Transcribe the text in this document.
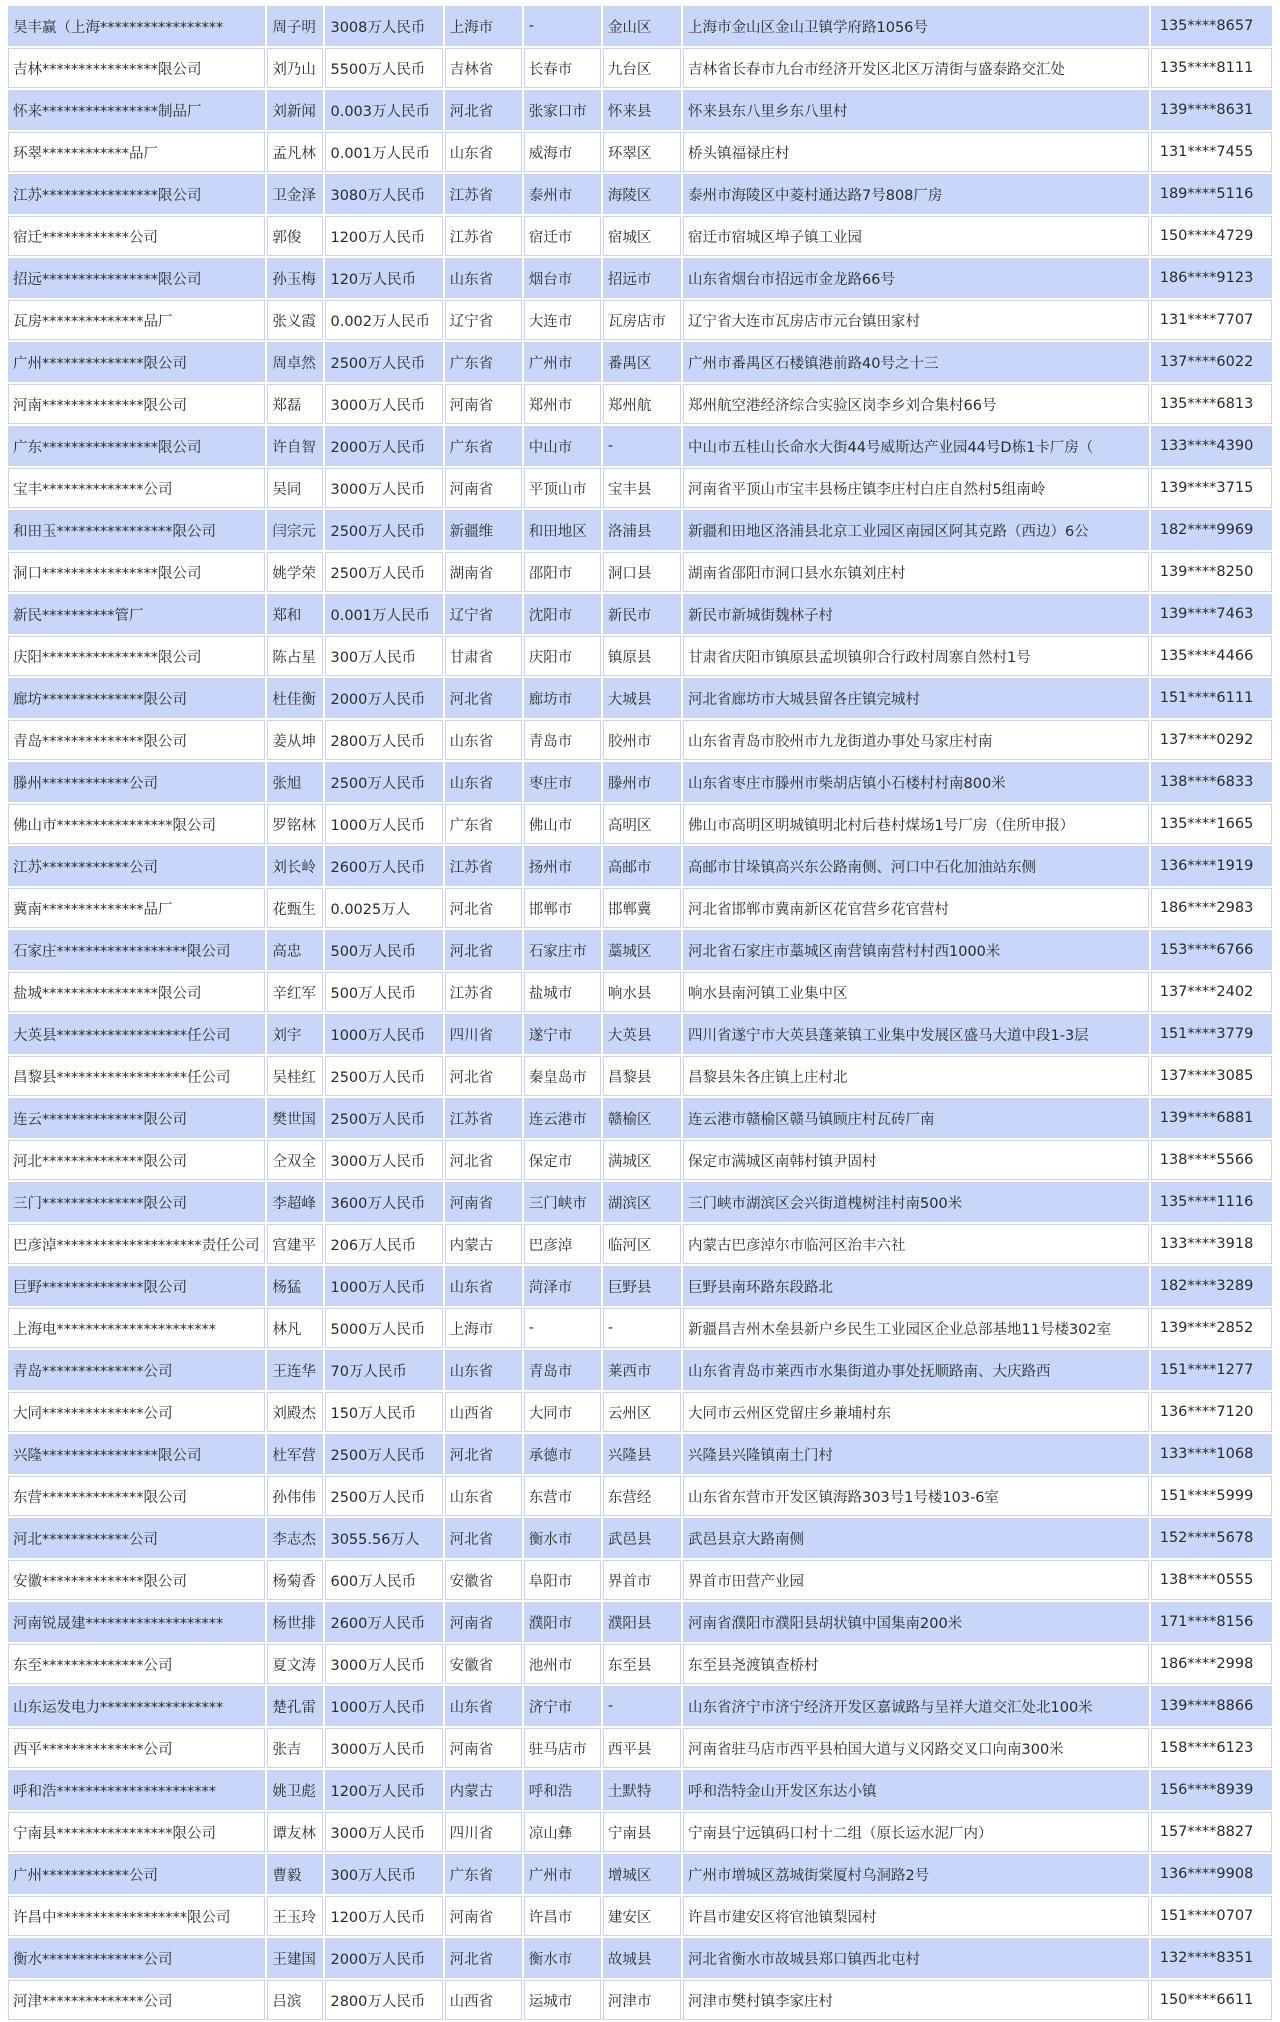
昊丰赢（上海*****************	周子明	3008万人民币	上海市	-	金山区	上海市金山区金山卫镇学府路1056号	135****8657
吉林****************限公司	刘乃山	5500万人民币	吉林省	长春市	九台区	吉林省长春市九台市经济开发区北区万清街与盛泰路交汇处	135****8111
怀来****************制品厂	刘新闻	0.003万人民币	河北省	张家口市	怀来县	怀来县东八里乡东八里村	139****8631
环翠************品厂	孟凡林	0.001万人民币	山东省	威海市	环翠区	桥头镇福禄庄村	131****7455
江苏****************限公司	卫金泽	3080万人民币	江苏省	泰州市	海陵区	泰州市海陵区中菱村通达路7号808厂房	189****5116
宿迁************公司	郭俊	1200万人民币	江苏省	宿迁市	宿城区	宿迁市宿城区埠子镇工业园	150****4729
招远****************限公司	孙玉梅	120万人民币	山东省	烟台市	招远市	山东省烟台市招远市金龙路66号	186****9123
瓦房**************品厂	张义霞	0.002万人民币	辽宁省	大连市	瓦房店市	辽宁省大连市瓦房店市元台镇田家村	131****7707
广州**************限公司	周卓然	2500万人民币	广东省	广州市	番禺区	广州市番禺区石楼镇港前路40号之十三	137****6022
河南**************限公司	郑磊	3000万人民币	河南省	郑州市	郑州航	郑州航空港经济综合实验区岗李乡刘合集村66号	135****6813
广东****************限公司	许自智	2000万人民币	广东省	中山市	-	中山市五桂山长命水大街44号威斯达产业园44号D栋1卡厂房（	133****4390
宝丰**************公司	吴同	3000万人民币	河南省	平顶山市	宝丰县	河南省平顶山市宝丰县杨庄镇李庄村白庄自然村5组南岭	139****3715
和田玉****************限公司	闫宗元	2500万人民币	新疆维	和田地区	洛浦县	新疆和田地区洛浦县北京工业园区南园区阿其克路（西边）6公	182****9969
洞口****************限公司	姚学荣	2500万人民币	湖南省	邵阳市	洞口县	湖南省邵阳市洞口县水东镇刘庄村	139****8250
新民**********管厂	郑和	0.001万人民币	辽宁省	沈阳市	新民市	新民市新城街魏林子村	139****7463
庆阳****************限公司	陈占星	300万人民币	甘肃省	庆阳市	镇原县	甘肃省庆阳市镇原县孟坝镇卯合行政村周寨自然村1号	135****4466
廊坊**************限公司	杜佳衡	2000万人民币	河北省	廊坊市	大城县	河北省廊坊市大城县留各庄镇完城村	151****6111
青岛**************限公司	姜从坤	2800万人民币	山东省	青岛市	胶州市	山东省青岛市胶州市九龙街道办事处马家庄村南	137****0292
滕州************公司	张旭	2500万人民币	山东省	枣庄市	滕州市	山东省枣庄市滕州市柴胡店镇小石楼村村南800米	138****6833
佛山市****************限公司	罗铭林	1000万人民币	广东省	佛山市	高明区	佛山市高明区明城镇明北村后巷村煤场1号厂房（住所申报）	135****1665
江苏************公司	刘长岭	2600万人民币	江苏省	扬州市	高邮市	高邮市甘垛镇高兴东公路南侧、河口中石化加油站东侧	136****1919
冀南**************品厂	花甄生	0.0025万人	河北省	邯郸市	邯郸冀	河北省邯郸市冀南新区花官营乡花官营村	186****2983
石家庄******************限公司	高忠	500万人民币	河北省	石家庄市	藁城区	河北省石家庄市藁城区南营镇南营村村西1000米	153****6766
盐城****************限公司	辛红军	500万人民币	江苏省	盐城市	响水县	响水县南河镇工业集中区	137****2402
大英县******************任公司	刘宇	1000万人民币	四川省	遂宁市	大英县	四川省遂宁市大英县蓬莱镇工业集中发展区盛马大道中段1-3层	151****3779
昌黎县******************任公司	吴桂红	2500万人民币	河北省	秦皇岛市	昌黎县	昌黎县朱各庄镇上庄村北	137****3085
连云**************限公司	樊世国	2500万人民币	江苏省	连云港市	赣榆区	连云港市赣榆区赣马镇顾庄村瓦砖厂南	139****6881
河北**************限公司	仝双全	3000万人民币	河北省	保定市	满城区	保定市满城区南韩村镇尹固村	138****5566
三门**************限公司	李超峰	3600万人民币	河南省	三门峡市	湖滨区	三门峡市湖滨区会兴街道槐树洼村南500米	135****1116
巴彦淖********************责任公司	宫建平	206万人民币	内蒙古	巴彦淖	临河区	内蒙古巴彦淖尔市临河区治丰六社	133****3918
巨野**************限公司	杨猛	1000万人民币	山东省	菏泽市	巨野县	巨野县南环路东段路北	182****3289
上海电**********************	林凡	5000万人民币	上海市	-	-	新疆昌吉州木垒县新户乡民生工业园区企业总部基地11号楼302室	139****2852
青岛**************公司	王连华	70万人民币	山东省	青岛市	莱西市	山东省青岛市莱西市水集街道办事处抚顺路南、大庆路西	151****1277
大同**************公司	刘殿杰	150万人民币	山西省	大同市	云州区	大同市云州区党留庄乡兼埔村东	136****7120
兴隆****************限公司	杜军营	2500万人民币	河北省	承德市	兴隆县	兴隆县兴隆镇南土门村	133****1068
东营**************限公司	孙伟伟	2500万人民币	山东省	东营市	东营经	山东省东营市开发区镇海路303号1号楼103-6室	151****5999
河北************公司	李志杰	3055.56万人	河北省	衡水市	武邑县	武邑县京大路南侧	152****5678
安徽**************限公司	杨菊香	600万人民币	安徽省	阜阳市	界首市	界首市田营产业园	138****0555
河南锐晟建*******************	杨世排	2600万人民币	河南省	濮阳市	濮阳县	河南省濮阳市濮阳县胡状镇中国集南200米	171****8156
东至**************公司	夏文涛	3000万人民币	安徽省	池州市	东至县	东至县尧渡镇查桥村	186****2998
山东运发电力*****************	楚孔雷	1000万人民币	山东省	济宁市	-	山东省济宁市济宁经济开发区嘉诚路与呈祥大道交汇处北100米	139****8866
西平**************公司	张吉	3000万人民币	河南省	驻马店市	西平县	河南省驻马店市西平县柏国大道与义冈路交叉口向南300米	158****6123
呼和浩**********************	姚卫彪	1200万人民币	内蒙古	呼和浩	土默特	呼和浩特金山开发区东达小镇	156****8939
宁南县****************限公司	谭友林	3000万人民币	四川省	凉山彝	宁南县	宁南县宁远镇码口村十二组（原长运水泥厂内）	157****8827
广州************公司	曹毅	300万人民币	广东省	广州市	增城区	广州市增城区荔城街棠厦村乌洞路2号	136****9908
许昌中******************限公司	王玉玲	1200万人民币	河南省	许昌市	建安区	许昌市建安区将官池镇梨园村	151****0707
衡水**************公司	王建国	2000万人民币	河北省	衡水市	故城县	河北省衡水市故城县郑口镇西北屯村	132****8351
河津**************公司	吕滨	2800万人民币	山西省	运城市	河津市	河津市樊村镇李家庄村	150****6611
